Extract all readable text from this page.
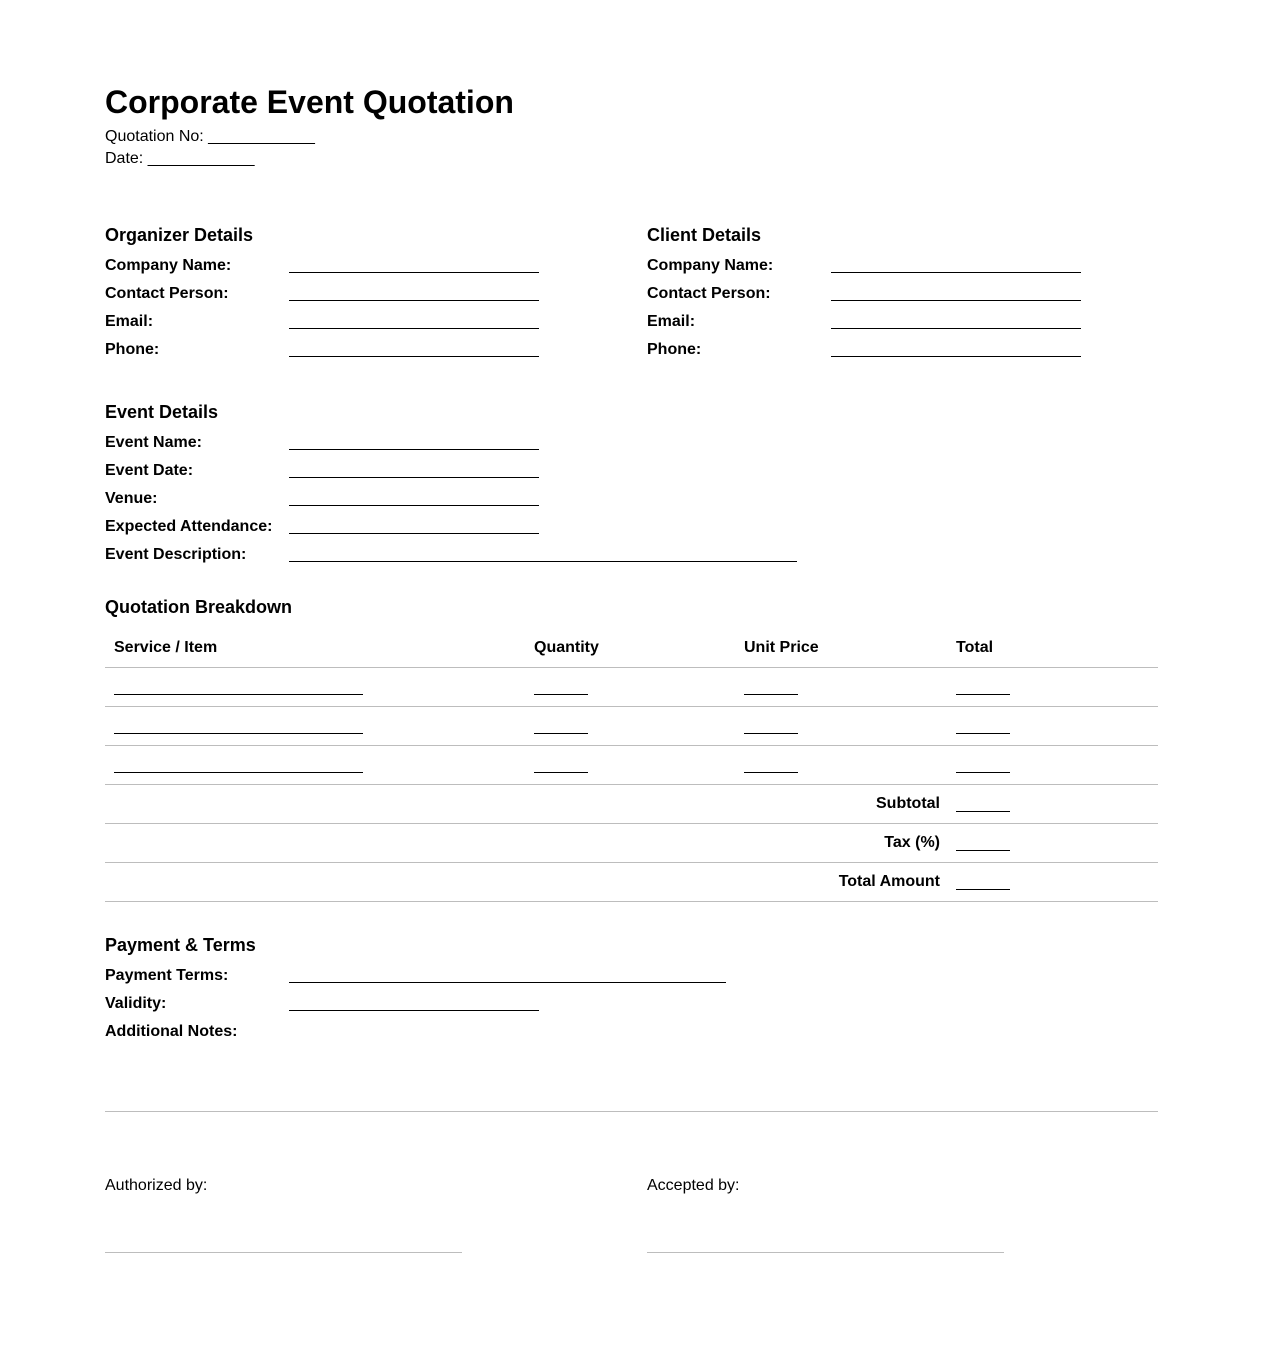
Corporate Event Quotation
Quotation No: ____________
Date: ____________
Organizer Details
Company Name:
Contact Person:
Email:
Phone:
Client Details
Company Name:
Contact Person:
Email:
Phone:
Event Details
Event Name:
Event Date:
Venue:
Expected Attendance:
Event Description:
Quotation Breakdown
Service / Item	Quantity	Unit Price	Total
Subtotal
Tax (%)
Total Amount
Payment & Terms
Payment Terms:
Validity:
Additional Notes:
Authorized by:	Accepted by:
